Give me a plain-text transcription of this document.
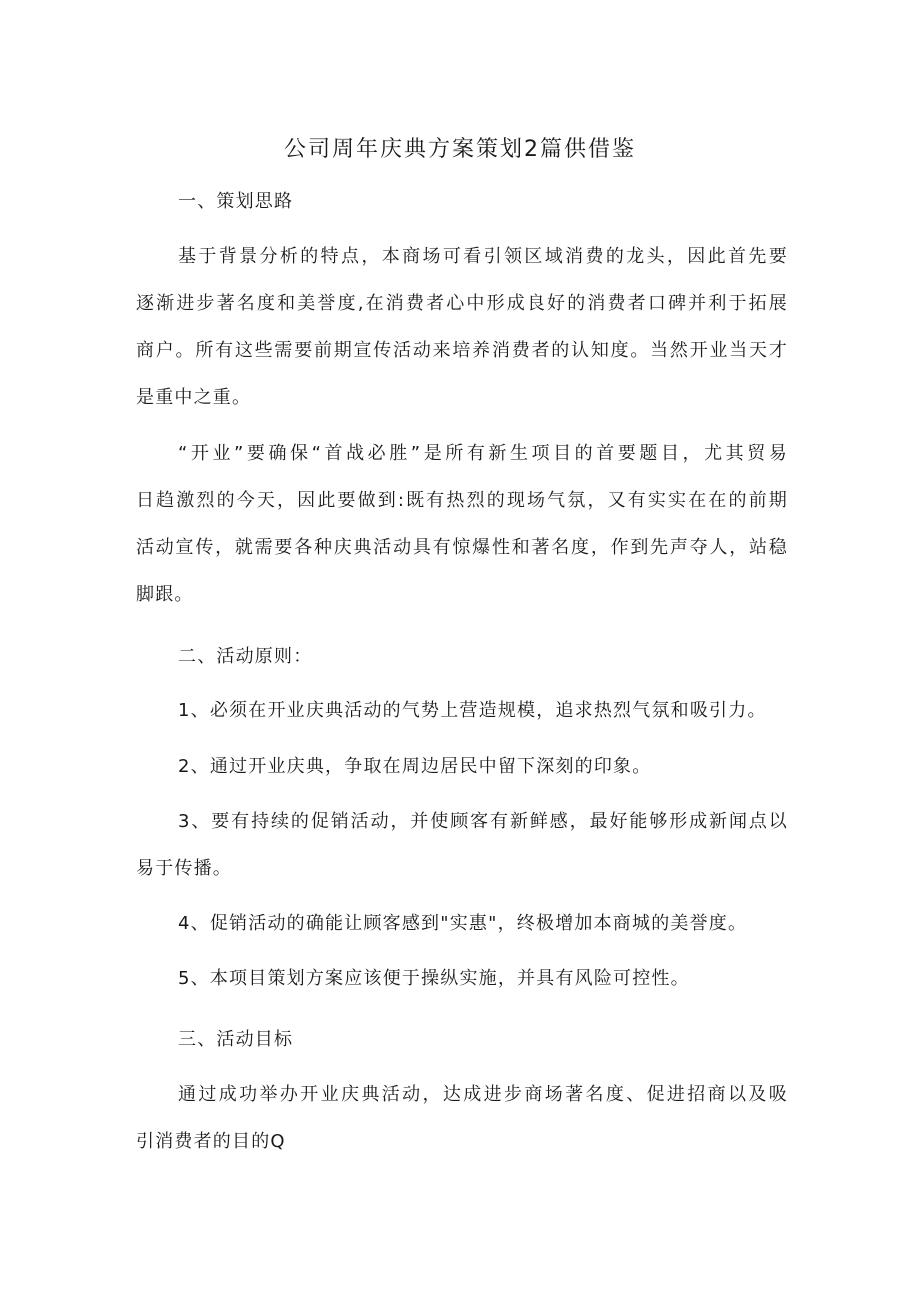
公司周年庆典方案策划2篇供借鉴

一、策划思路

基于背景分析的特点，本商场可看引领区域消费的龙头，因此首先要

逐渐进步著名度和美誉度,在消费者心中形成良好的消费者口碑并利于拓展

商户。所有这些需要前期宣传活动来培养消费者的认知度。当然开业当天才

是重中之重。

“开业”要确保“首战必胜”是所有新生项目的首要题目，尤其贸易

日趋激烈的今天，因此要做到:既有热烈的现场气氛，又有实实在在的前期

活动宣传，就需要各种庆典活动具有惊爆性和著名度，作到先声夺人，站稳

脚跟。

二、活动原则：

1、必须在开业庆典活动的气势上营造规模，追求热烈气氛和吸引力。

2、通过开业庆典，争取在周边居民中留下深刻的印象。

3、要有持续的促销活动，并使顾客有新鲜感，最好能够形成新闻点以

易于传播。

4、促销活动的确能让顾客感到"实惠"，终极增加本商城的美誉度。

5、本项目策划方案应该便于操纵实施，并具有风险可控性。

三、活动目标

通过成功举办开业庆典活动，达成进步商场著名度、促进招商以及吸

引消费者的目的Q
